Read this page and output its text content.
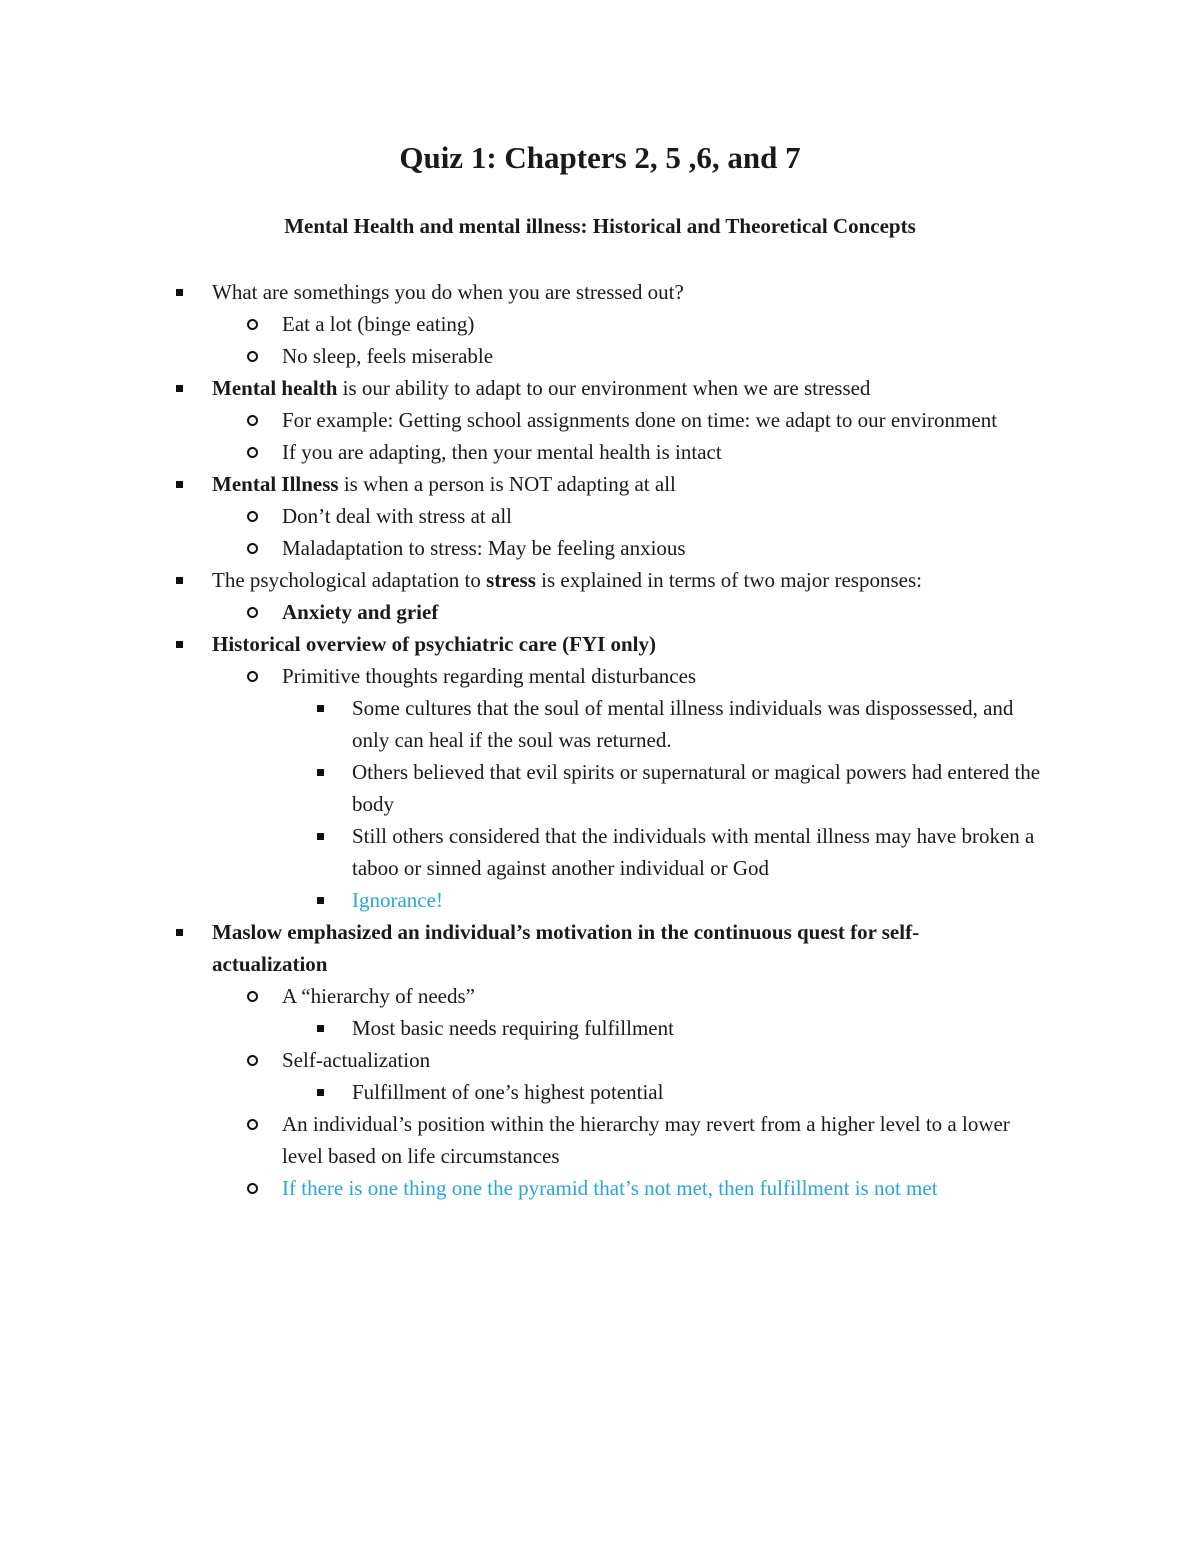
Quiz 1: Chapters 2, 5 ,6, and 7
Mental Health and mental illness: Historical and Theoretical Concepts
What are somethings you do when you are stressed out?
Eat a lot (binge eating)
No sleep, feels miserable
Mental health is our ability to adapt to our environment when we are stressed
For example: Getting school assignments done on time: we adapt to our environment
If you are adapting, then your mental health is intact
Mental Illness is when a person is NOT adapting at all
Don’t deal with stress at all
Maladaptation to stress: May be feeling anxious
The psychological adaptation to stress is explained in terms of two major responses:
Anxiety and grief
Historical overview of psychiatric care (FYI only)
Primitive thoughts regarding mental disturbances
Some cultures that the soul of mental illness individuals was dispossessed, and only can heal if the soul was returned.
Others believed that evil spirits or supernatural or magical powers had entered the body
Still others considered that the individuals with mental illness may have broken a taboo or sinned against another individual or God
Ignorance!
Maslow emphasized an individual’s motivation in the continuous quest for self-actualization
A “hierarchy of needs”
Most basic needs requiring fulfillment
Self-actualization
Fulfillment of one’s highest potential
An individual’s position within the hierarchy may revert from a higher level to a lower level based on life circumstances
If there is one thing one the pyramid that’s not met, then fulfillment is not met
